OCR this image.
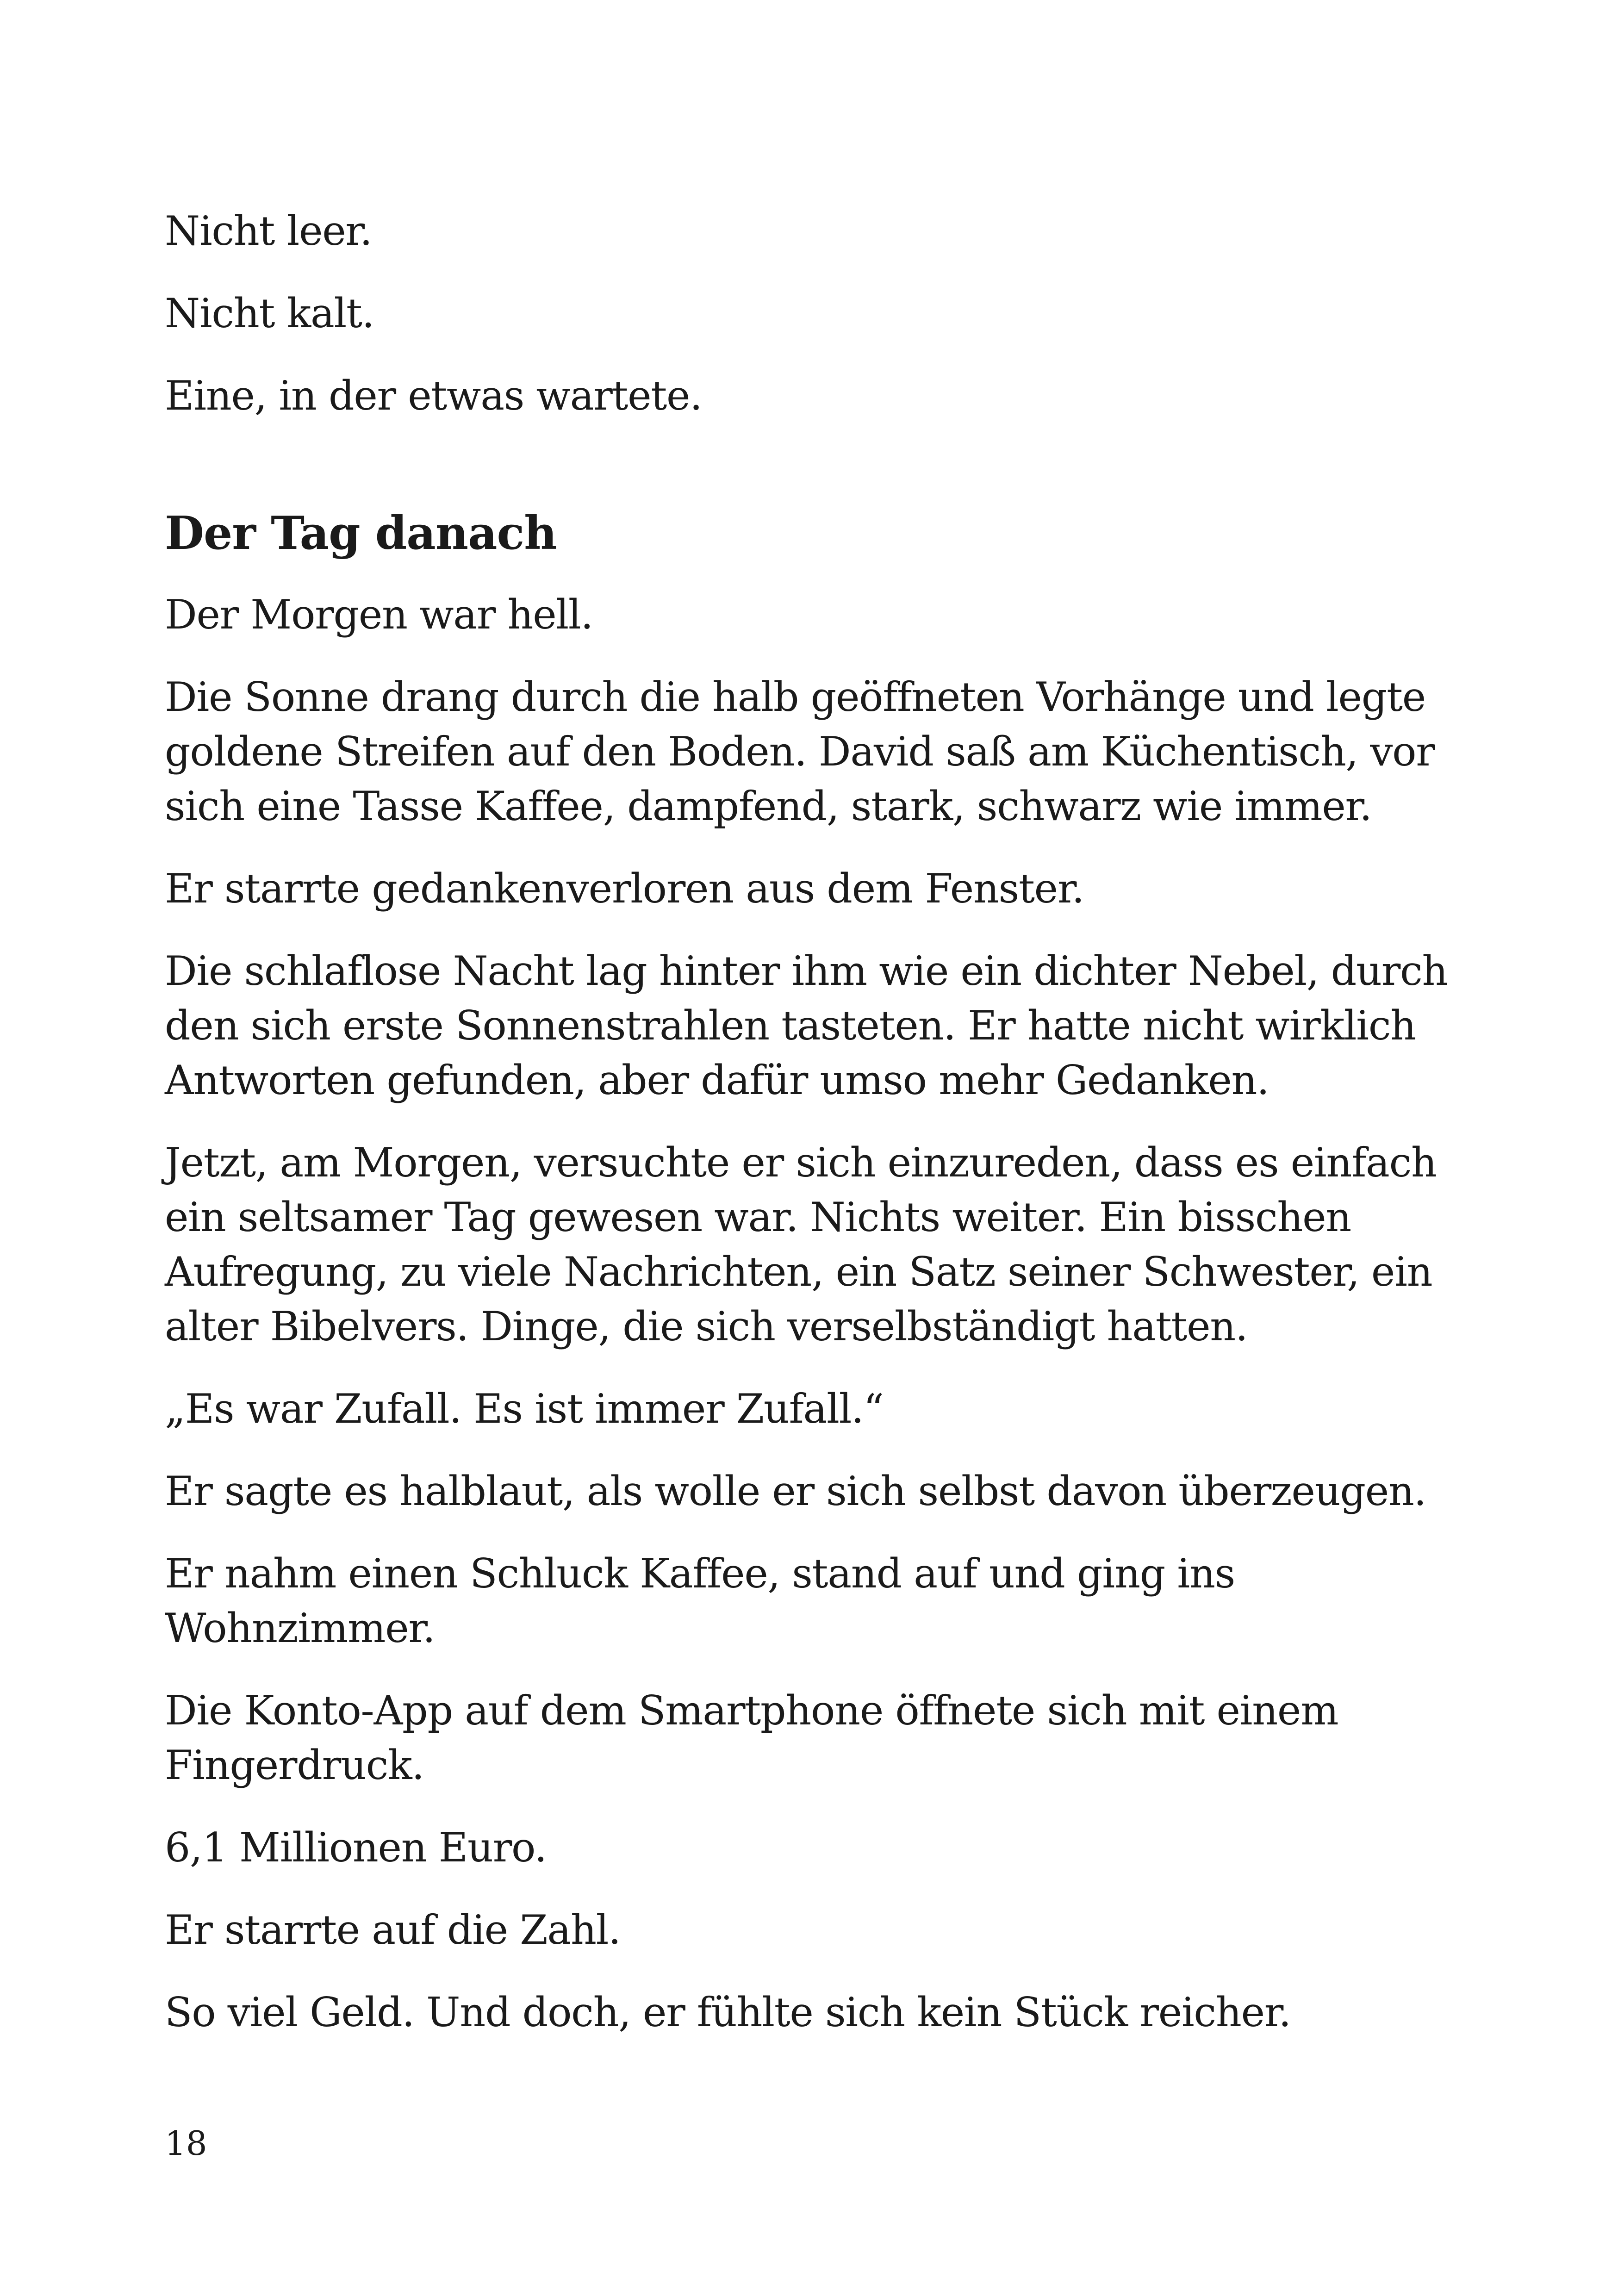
Nicht leer.

Nicht kalt.

Eine, in der etwas wartete.

Der Tag danach

Der Morgen war hell.

Die Sonne drang durch die halb geöffneten Vorhänge und legte goldene Streifen auf den Boden. David saß am Küchentisch, vor sich eine Tasse Kaffee, dampfend, stark, schwarz wie immer.

Er starrte gedankenverloren aus dem Fenster.

Die schlaflose Nacht lag hinter ihm wie ein dichter Nebel, durch den sich erste Sonnenstrahlen tasteten. Er hatte nicht wirklich Antworten gefunden, aber dafür umso mehr Gedanken.

Jetzt, am Morgen, versuchte er sich einzureden, dass es einfach ein seltsamer Tag gewesen war. Nichts weiter. Ein bisschen Aufregung, zu viele Nachrichten, ein Satz seiner Schwester, ein alter Bibelvers. Dinge, die sich verselbständigt hatten.

„Es war Zufall. Es ist immer Zufall.“

Er sagte es halblaut, als wolle er sich selbst davon überzeugen.

Er nahm einen Schluck Kaffee, stand auf und ging ins Wohnzimmer.

Die Konto-App auf dem Smartphone öffnete sich mit einem Fingerdruck.

6,1 Millionen Euro.

Er starrte auf die Zahl.

So viel Geld. Und doch, er fühlte sich kein Stück reicher.

18
